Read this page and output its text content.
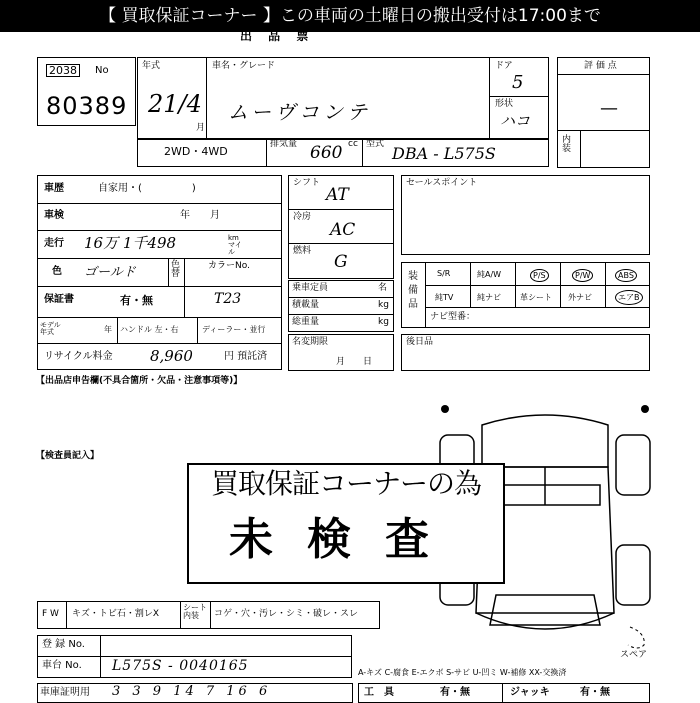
【 買取保証コーナー 】この車両の土曜日の搬出受付は17:00まで
出 品 票
2038	No
80389
年式
21/4
月
車名・グレード
ムーヴコンテ
ドア
5
形状
ハコ
2WD・4WD
排気量 660 cc 型式 DBA - L575S
評 価 点
—
内装
車歴	自家用・(　　　　　)
車検	年　　月
走行 16万 1千498	km マイル
色 ゴールド	色替
カラーNo.
T23
保証書	有・無
モデル年式	年 ハンドル 左・右	ディーラー・並行
リサイクル料金 8,960	円 預託済
シフト
AT
冷房
AC
燃料
G
乗車定員	名
積載量	kg
総重量	kg
名変期限
月　　日
セールスポイント
装備品
S/R	純A/W	P/S	P/W	ABS
純TV	純ナビ 革シート 外ナビ	エアB
ナビ型番：
後日品
【出品店申告欄(不具合箇所・欠品・注意事項等)】
【検査員記入】
スペア
買取保証コーナーの為
未検査
F W キズ・トビ石・割レX
シート内装	コゲ・穴・汚レ・シミ・破レ・スレ
登 録 No.
車台 No. L575S - 0040165	A-キズ C-腐食 E-エクボ S-サビ U-凹ミ W-補修 XX-交換済
車庫証明用 3 3 9 14 7 16 6	工　具	有・無	ジャッキ	有・無
